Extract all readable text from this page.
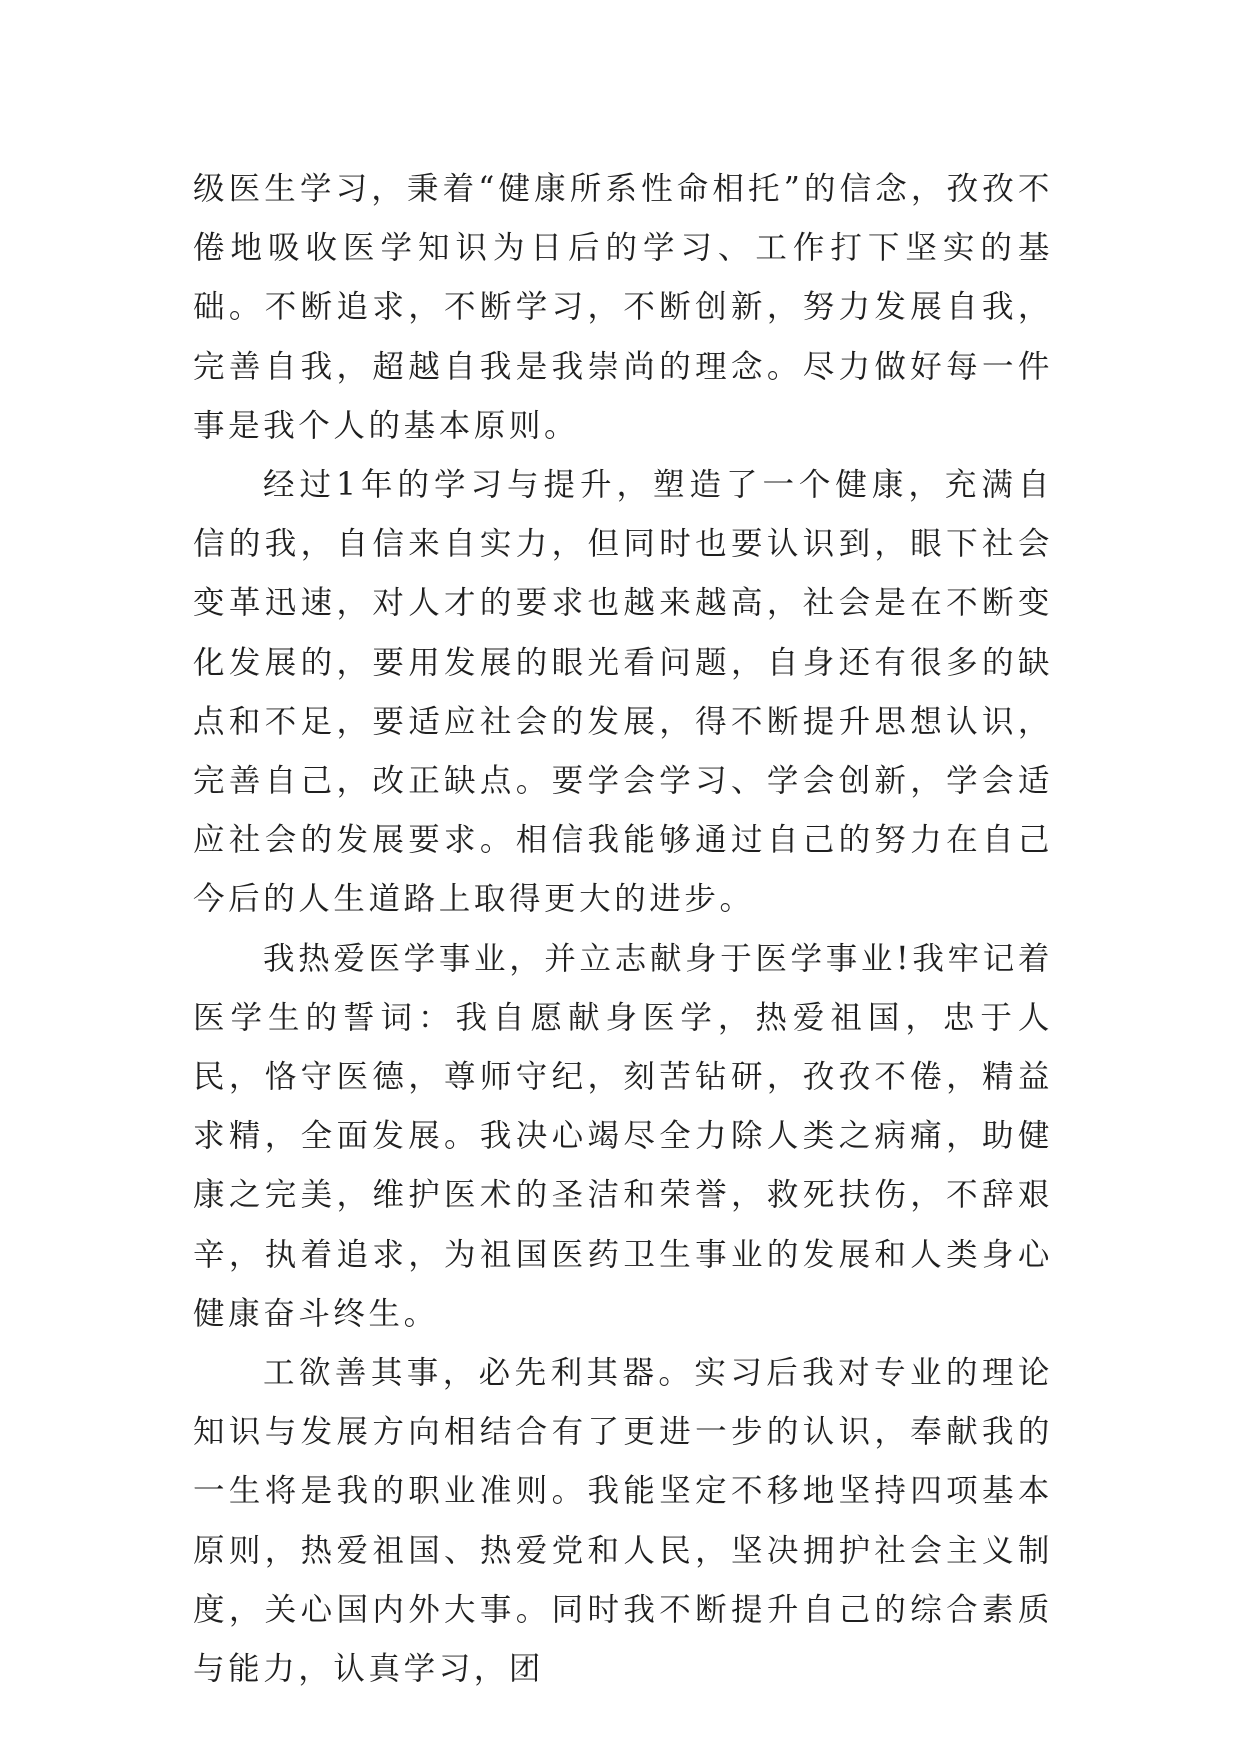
级医生学习，秉着“健康所系性命相托”的信念，孜孜不倦地吸收医学知识为日后的学习、工作打下坚实的基础。不断追求，不断学习，不断创新，努力发展自我，完善自我，超越自我是我崇尚的理念。尽力做好每一件事是我个人的基本原则。

经过1年的学习与提升，塑造了一个健康，充满自信的我，自信来自实力，但同时也要认识到，眼下社会变革迅速，对人才的要求也越来越高，社会是在不断变化发展的，要用发展的眼光看问题，自身还有很多的缺点和不足，要适应社会的发展，得不断提升思想认识，完善自己，改正缺点。要学会学习、学会创新，学会适应社会的发展要求。相信我能够通过自己的努力在自己今后的人生道路上取得更大的进步。

我热爱医学事业，并立志献身于医学事业!我牢记着医学生的誓词：我自愿献身医学，热爱祖国，忠于人民，恪守医德，尊师守纪，刻苦钻研，孜孜不倦，精益求精，全面发展。我决心竭尽全力除人类之病痛，助健康之完美，维护医术的圣洁和荣誉，救死扶伤，不辞艰辛，执着追求，为祖国医药卫生事业的发展和人类身心健康奋斗终生。

工欲善其事，必先利其器。实习后我对专业的理论知识与发展方向相结合有了更进一步的认识，奉献我的一生将是我的职业准则。我能坚定不移地坚持四项基本原则，热爱祖国、热爱党和人民，坚决拥护社会主义制度，关心国内外大事。同时我不断提升自己的综合素质与能力，认真学习，团
